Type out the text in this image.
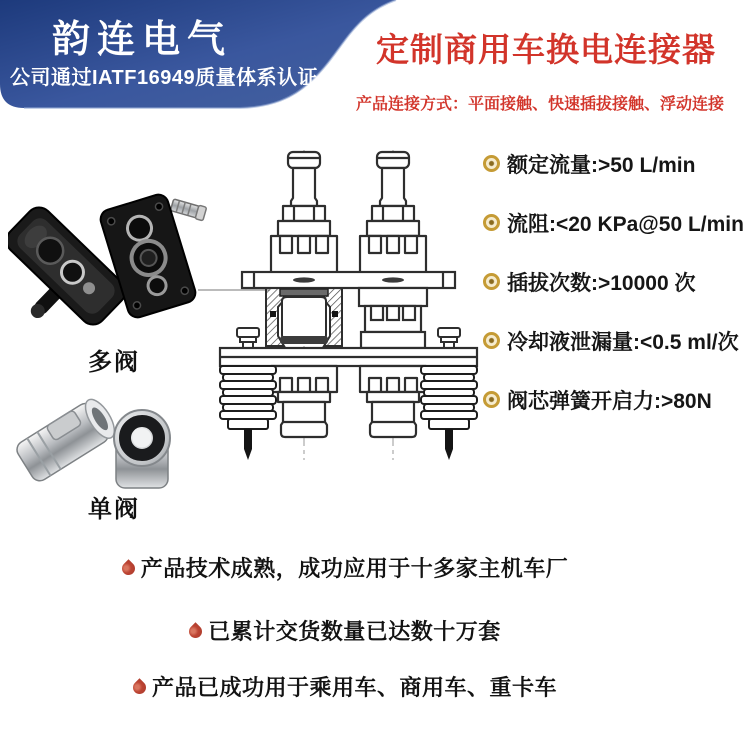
韵连电气
公司通过IATF16949质量体系认证
定制商用车换电连接器
产品连接方式：平面接触、快速插拔接触、浮动连接
额定流量:>50 L/min
流阻:<20 KPa@50 L/min
插拔次数:>10000 次
冷却液泄漏量:<0.5 ml/次
阀芯弹簧开启力:>80N
多阀
单阀
产品技术成熟，成功应用于十多家主机车厂
已累计交货数量已达数十万套
产品已成功用于乘用车、商用车、重卡车
